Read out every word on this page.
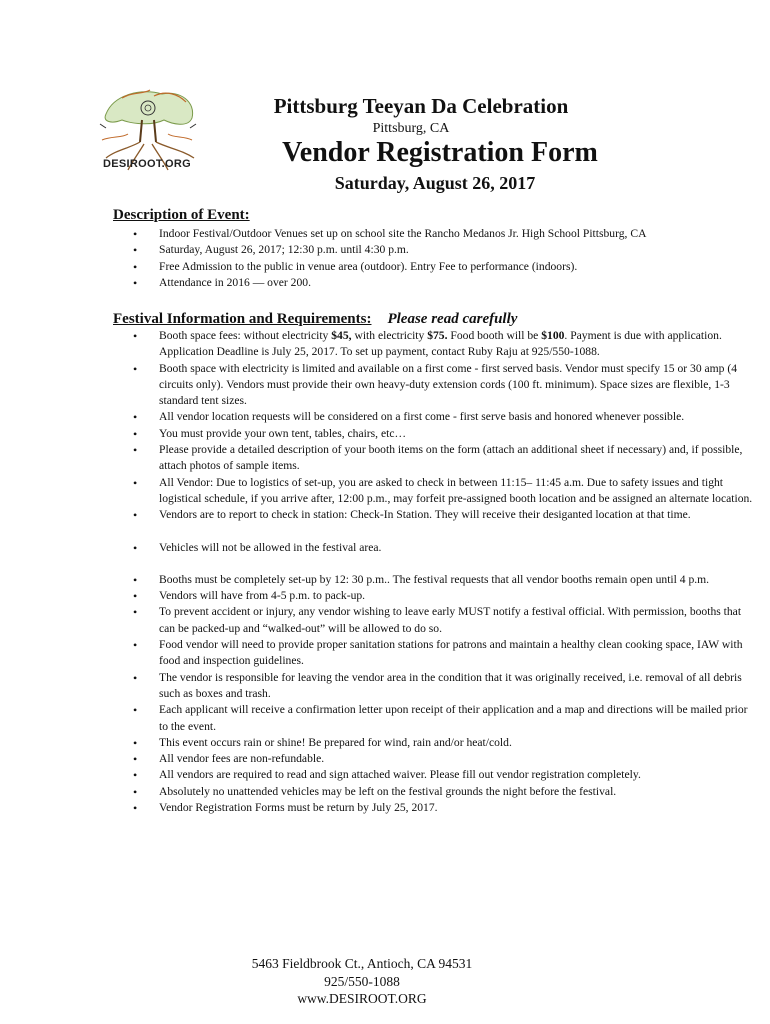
DESIROOT.ORG
Pittsburg Teeyan Da Celebration
Pittsburg, CA
Vendor Registration Form
Saturday, August 26, 2017
Description of Event:
• Indoor Festival/Outdoor Venues set up on school site the Rancho Medanos Jr. High School Pittsburg, CA
• Saturday, August 26, 2017; 12:30 p.m. until 4:30 p.m.
• Free Admission to the public in venue area (outdoor). Entry Fee to performance (indoors).
• Attendance in 2016 — over 200.
Festival Information and Requirements: Please read carefully
• Booth space fees: without electricity $45, with electricity $75. Food booth will be $100. Payment is due with application. Application Deadline is July 25, 2017. To set up payment, contact Ruby Raju at 925/550-1088.
• Booth space with electricity is limited and available on a first come - first served basis. Vendor must specify 15 or 30 amp (4 circuits only). Vendors must provide their own heavy-duty extension cords (100 ft. minimum). Space sizes are flexible, 1-3 standard tent sizes.
• All vendor location requests will be considered on a first come - first serve basis and honored whenever possible.
• You must provide your own tent, tables, chairs, etc…
• Please provide a detailed description of your booth items on the form (attach an additional sheet if necessary) and, if possible, attach photos of sample items.
• All Vendor: Due to logistics of set-up, you are asked to check in between 11:15– 11:45 a.m. Due to safety issues and tight logistical schedule, if you arrive after, 12:00 p.m., may forfeit pre-assigned booth location and be assigned an alternate location.
• Vendors are to report to check in station: Check-In Station. They will receive their desiganted location at that time.
• Vehicles will not be allowed in the festival area.
• Booths must be completely set-up by 12: 30 p.m.. The festival requests that all vendor booths remain open until 4 p.m.
• Vendors will have from 4-5 p.m. to pack-up.
• To prevent accident or injury, any vendor wishing to leave early MUST notify a festival official. With permission, booths that can be packed-up and “walked-out” will be allowed to do so.
• Food vendor will need to provide proper sanitation stations for patrons and maintain a healthy clean cooking space, IAW with food and inspection guidelines.
• The vendor is responsible for leaving the vendor area in the condition that it was originally received, i.e. removal of all debris such as boxes and trash.
• Each applicant will receive a confirmation letter upon receipt of their application and a map and directions will be mailed prior to the event.
• This event occurs rain or shine! Be prepared for wind, rain and/or heat/cold.
• All vendor fees are non-refundable.
• All vendors are required to read and sign attached waiver. Please fill out vendor registration completely.
• Absolutely no unattended vehicles may be left on the festival grounds the night before the festival.
• Vendor Registration Forms must be return by July 25, 2017.
5463 Fieldbrook Ct., Antioch, CA 94531
925/550-1088
www.DESIROOT.ORG
